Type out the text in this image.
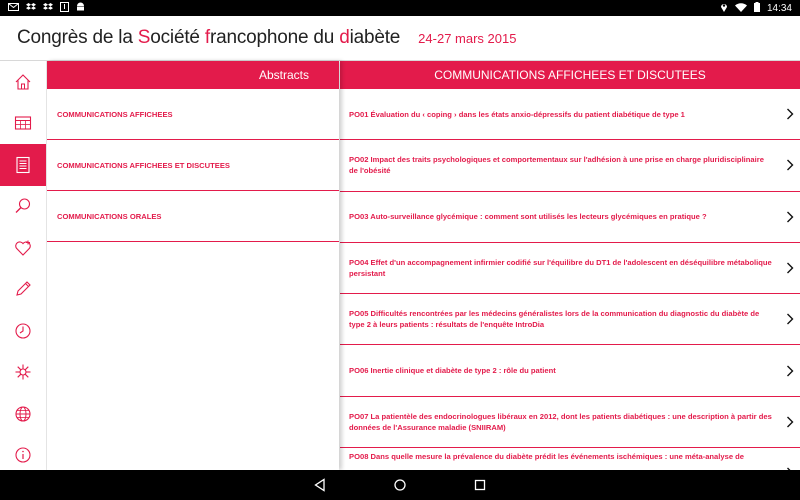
14:34
Congrès de la Société francophone du diabète 24-27 mars 2015
Abstracts
COMMUNICATIONS AFFICHEES
COMMUNICATIONS AFFICHEES ET DISCUTEES
COMMUNICATIONS ORALES
COMMUNICATIONS AFFICHEES ET DISCUTEES
PO01 Évaluation du ‹ coping › dans les états anxio-dépressifs du patient diabétique de type 1
PO02 Impact des traits psychologiques et comportementaux sur l'adhésion à une prise en charge pluridisciplinaire de l'obésité
PO03 Auto-surveillance glycémique : comment sont utilisés les lecteurs glycémiques en pratique ?
PO04 Effet d'un accompagnement infirmier codifié sur l'équilibre du DT1 de l'adolescent en déséquilibre métabolique persistant
PO05 Difficultés rencontrées par les médecins généralistes lors de la communication du diagnostic du diabète de type 2 à leurs patients : résultats de l'enquête IntroDia
PO06 Inertie clinique et diabète de type 2 : rôle du patient
PO07 La patientèle des endocrinologues libéraux en 2012, dont les patients diabétiques : une description à partir des données de l'Assurance maladie (SNIIRAM)
PO08 Dans quelle mesure la prévalence du diabète prédit les événements ischémiques : une méta-analyse de
